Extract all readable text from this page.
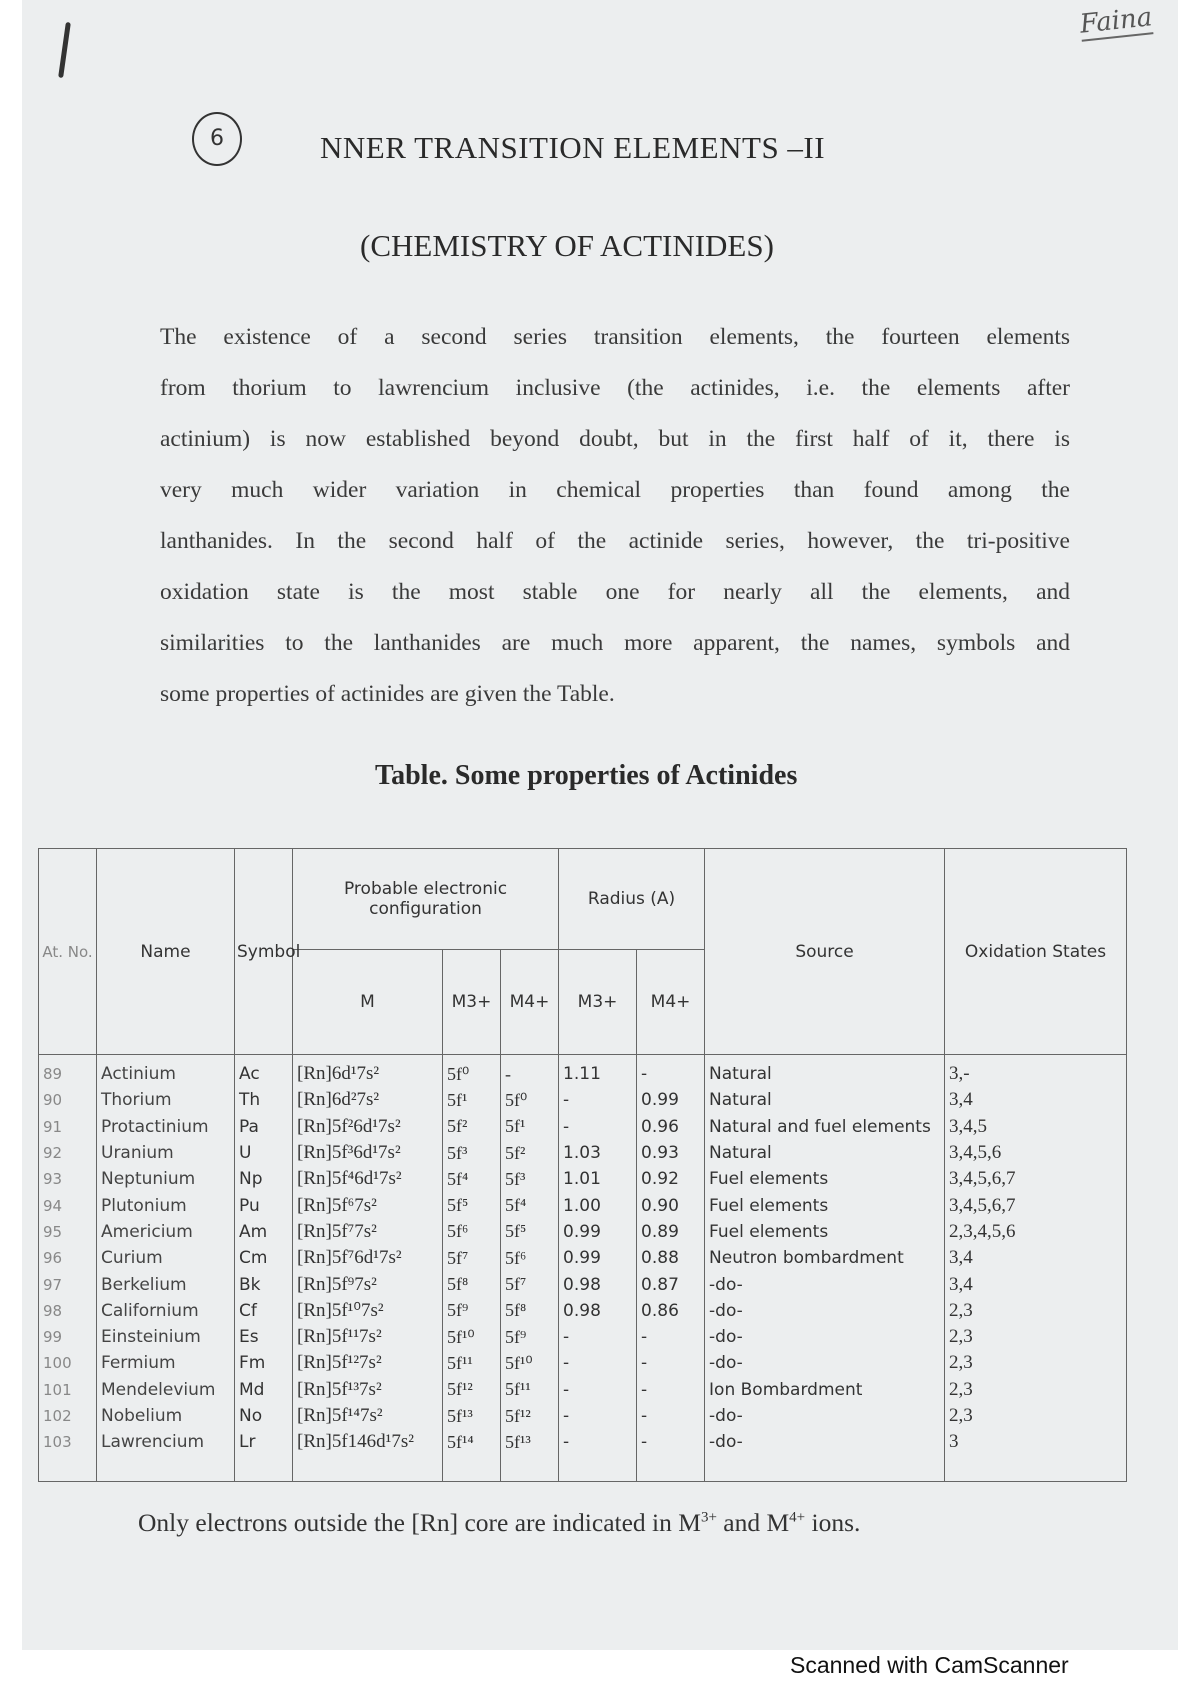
Faina
6	NNER TRANSITION ELEMENTS –II
(CHEMISTRY OF ACTINIDES)
The existence of a second series transition elements, the fourteen elements
from thorium to lawrencium inclusive (the actinides, i.e. the elements after
actinium) is now established beyond doubt, but in the first half of it, there is
very much wider variation in chemical properties than found among the
lanthanides. In the second half of the actinide series, however, the tri-positive
oxidation state is the most stable one for nearly all the elements, and
similarities to the lanthanides are much more apparent, the names, symbols and
some properties of actinides are given the Table.
Table. Some properties of Actinides
At. No.	Name	Symbol	Probable electronic configuration			Radius (A)		Source	Oxidation States
			M	M3+	M4+	M3+	M4+		
89	Actinium	Ac	[Rn]6d¹7s²	5f⁰	-	1.11	-	Natural	3,-
90	Thorium	Th	[Rn]6d²7s²	5f¹	5f⁰	-	0.99	Natural	3,4
91	Protactinium	Pa	[Rn]5f²6d¹7s²	5f²	5f¹	-	0.96	Natural and fuel elements	3,4,5
92	Uranium	U	[Rn]5f³6d¹7s²	5f³	5f²	1.03	0.93	Natural	3,4,5,6
93	Neptunium	Np	[Rn]5f⁴6d¹7s²	5f⁴	5f³	1.01	0.92	Fuel elements	3,4,5,6,7
94	Plutonium	Pu	[Rn]5f⁶7s²	5f⁵	5f⁴	1.00	0.90	Fuel elements	3,4,5,6,7
95	Americium	Am	[Rn]5f⁷7s²	5f⁶	5f⁵	0.99	0.89	Fuel elements	2,3,4,5,6
96	Curium	Cm	[Rn]5f⁷6d¹7s²	5f⁷	5f⁶	0.99	0.88	Neutron bombardment	3,4
97	Berkelium	Bk	[Rn]5f⁹7s²	5f⁸	5f⁷	0.98	0.87	-do-	3,4
98	Californium	Cf	[Rn]5f¹⁰7s²	5f⁹	5f⁸	0.98	0.86	-do-	2,3
99	Einsteinium	Es	[Rn]5f¹¹7s²	5f¹⁰	5f⁹	-	-	-do-	2,3
100	Fermium	Fm	[Rn]5f¹²7s²	5f¹¹	5f¹⁰	-	-	-do-	2,3
101	Mendelevium	Md	[Rn]5f¹³7s²	5f¹²	5f¹¹	-	-	Ion Bombardment	2,3
102	Nobelium	No	[Rn]5f¹⁴7s²	5f¹³	5f¹²	-	-	-do-	2,3
103	Lawrencium	Lr	[Rn]5f146d¹7s²	5f¹⁴	5f¹³	-	-	-do-	3
Only electrons outside the [Rn] core are indicated in $M^{3+}$ and $M^{4+}$ ions.
Scanned with CamScanner
